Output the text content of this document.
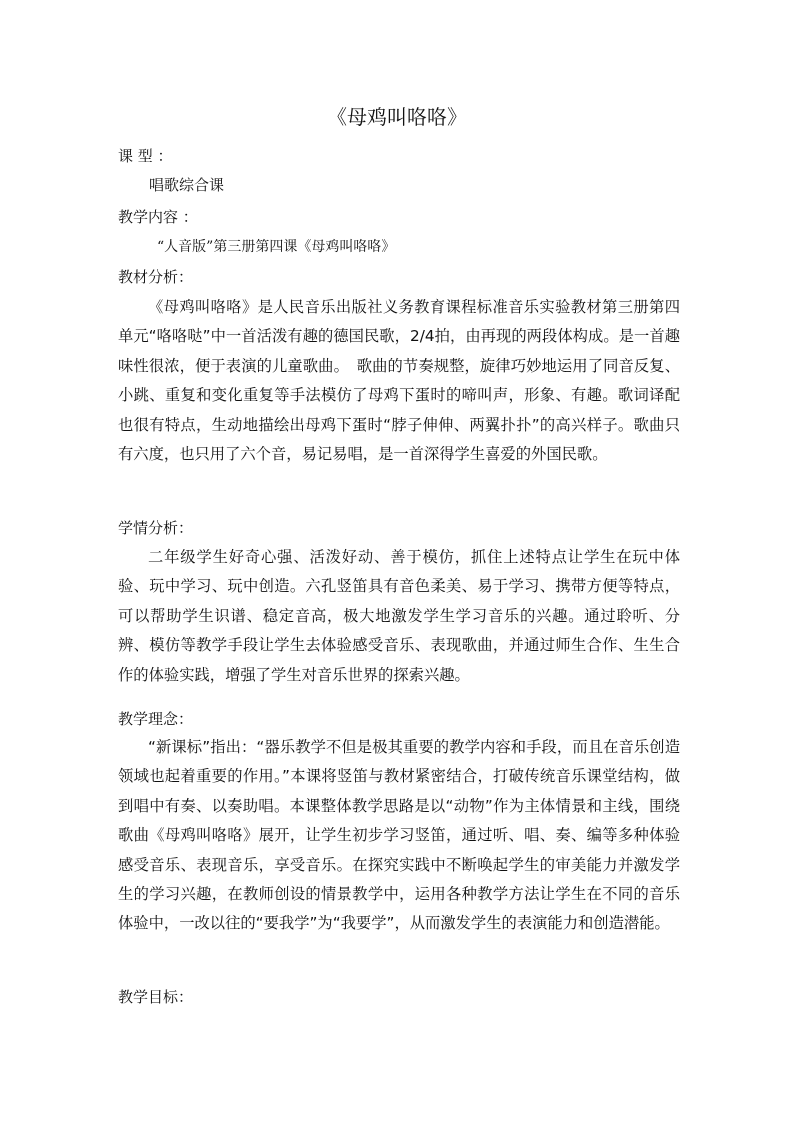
《母鸡叫咯咯》
课 型 ：
唱歌综合课
教学内容 ：
“人音版”第三册第四课《母鸡叫咯咯》
教材分析：
《母鸡叫咯咯》是人民音乐出版社义务教育课程标准音乐实验教材第三册第四单元“咯咯哒”中一首活泼有趣的德国民歌，2/4拍，由再现的两段体构成。是一首趣味性很浓，便于表演的儿童歌曲。　歌曲的节奏规整，旋律巧妙地运用了同音反复、小跳、重复和变化重复等手法模仿了母鸡下蛋时的啼叫声，形象、有趣。歌词译配也很有特点，生动地描绘出母鸡下蛋时“脖子伸伸、两翼扑扑”的高兴样子。歌曲只有六度，也只用了六个音，易记易唱，是一首深得学生喜爱的外国民歌。
学情分析：
二年级学生好奇心强、活泼好动、善于模仿，抓住上述特点让学生在玩中体验、玩中学习、玩中创造。六孔竖笛具有音色柔美、易于学习、携带方便等特点，可以帮助学生识谱、稳定音高，极大地激发学生学习音乐的兴趣。通过聆听、分辨、模仿等教学手段让学生去体验感受音乐、表现歌曲，并通过师生合作、生生合作的体验实践，增强了学生对音乐世界的探索兴趣。
教学理念：
“新课标”指出：“器乐教学不但是极其重要的教学内容和手段，而且在音乐创造领域也起着重要的作用。”本课将竖笛与教材紧密结合，打破传统音乐课堂结构，做到唱中有奏、以奏助唱。本课整体教学思路是以“动物”作为主体情景和主线，围绕歌曲《母鸡叫咯咯》展开，让学生初步学习竖笛，通过听、唱、奏、编等多种体验感受音乐、表现音乐，享受音乐。在探究实践中不断唤起学生的审美能力并激发学生的学习兴趣，在教师创设的情景教学中，运用各种教学方法让学生在不同的音乐体验中，一改以往的“要我学”为“我要学”，从而激发学生的表演能力和创造潜能。
教学目标：
